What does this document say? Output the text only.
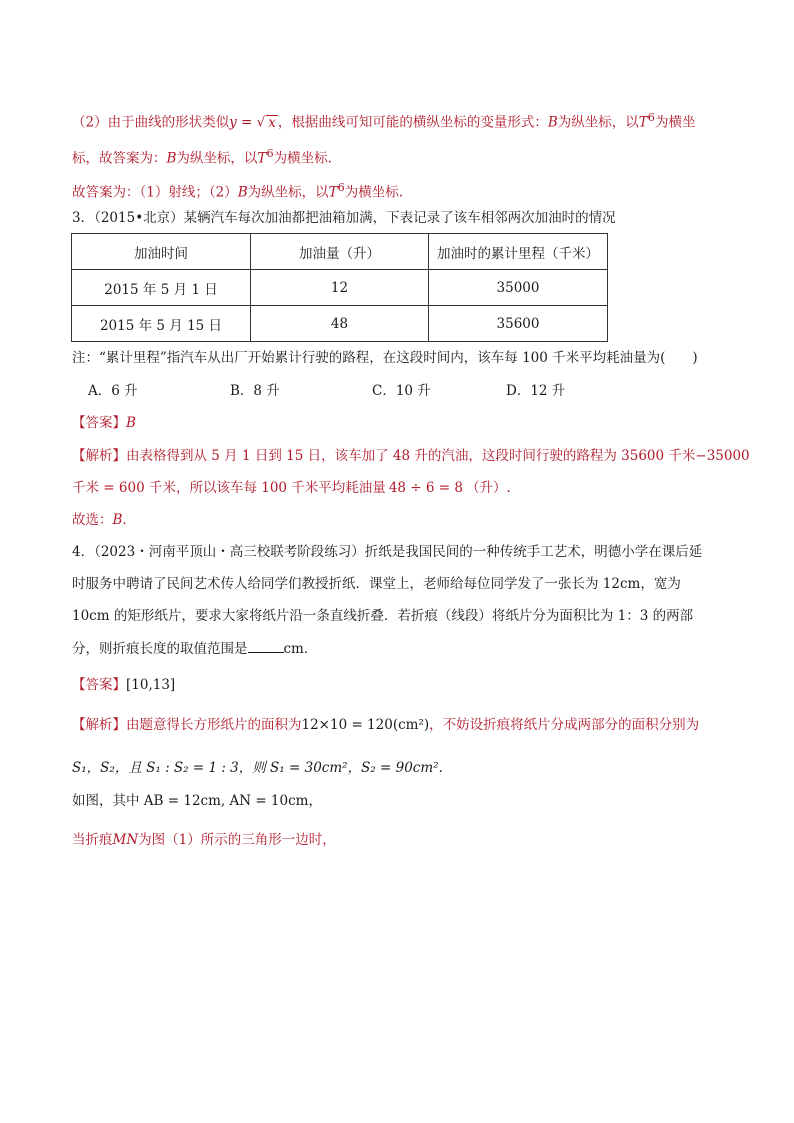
（2）由于曲线的形状类似y = √ x ，根据曲线可知可能的横纵坐标的变量形式：B为纵坐标，以$T^6$为横坐
标，故答案为：B为纵坐标，以$T^6$为横坐标.
故答案为：（1）射线；（2）B为纵坐标，以$T^6$为横坐标.
3．（2015•北京）某辆汽车每次加油都把油箱加满，下表记录了该车相邻两次加油时的情况
加油时间	加油量（升）	加油时的累计里程（千米）
2015 年 5 月 1 日	12	35000
2015 年 5 月 15 日	48	35600
注：“累计里程”指汽车从出厂开始累计行驶的路程，在这段时间内，该车每 100 千米平均耗油量为(　　)
A．6 升	B．8 升	C．10 升	D．12 升
【答案】B
【解析】由表格得到从 5 月 1 日到 15 日，该车加了 48 升的汽油，这段时间行驶的路程为 35600 千米−35000
千米 = 600 千米，所以该车每 100 千米平均耗油量 48 ÷ 6 = 8 （升）.
故选：B．
4．（2023・河南平顶山・高三校联考阶段练习）折纸是我国民间的一种传统手工艺术，明德小学在课后延
时服务中聘请了民间艺术传人给同学们教授折纸．课堂上，老师给每位同学发了一张长为 12cm，宽为
10cm 的矩形纸片，要求大家将纸片沿一条直线折叠．若折痕（线段）将纸片分为面积比为 1：3 的两部
分，则折痕长度的取值范围是	cm．
【答案】[10,13]
【解析】由题意得长方形纸片的面积为12×10 = 120(cm²)，不妨设折痕将纸片分成两部分的面积分别为
S₁，S₂，且 S₁ : S₂ = 1 : 3，则 S₁ = 30cm²，S₂ = 90cm².
如图，其中 AB = 12cm, AN = 10cm，
当折痕MN为图（1）所示的三角形一边时，
